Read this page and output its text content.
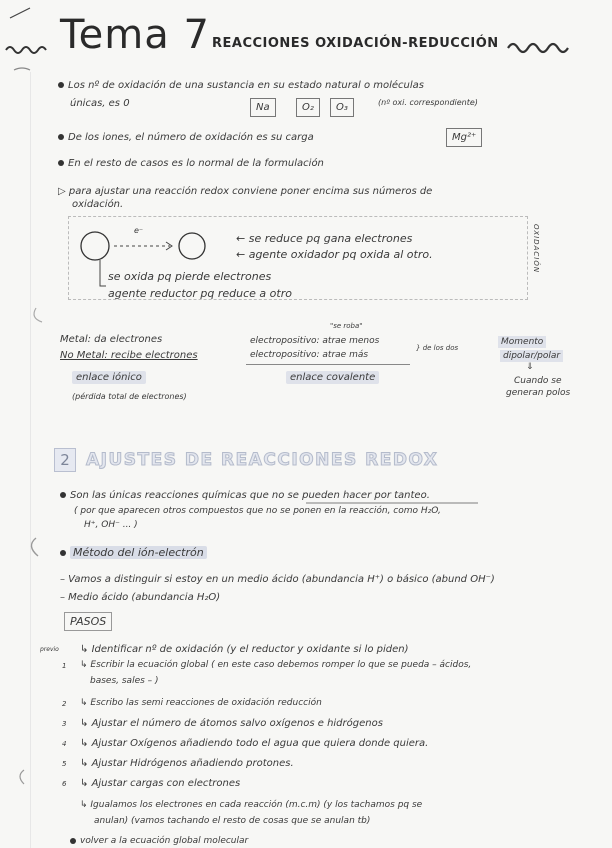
Tema 7 REACCIONES OXIDACIÓN-REDUCCIÓN
Los nº de oxidación de una sustancia en su estado natural o moléculas
únicas, es 0	Na	O₂	O₃	(nº oxi. correspondiente)
De los iones, el número de oxidación es su carga	Mg²⁺
En el resto de casos es lo normal de la formulación
▷ para ajustar una reacción redox conviene poner encima sus números de
oxidación.
e⁻
← se reduce pq gana electrones
← agente oxidador pq oxida al otro.
se oxida pq pierde electrones
agente reductor pq reduce a otro
OXIDACIÓN
Metal: da electrones
No Metal: recibe electrones
enlace iónico
(pérdida total de electrones)
"se roba"
electropositivo: atrae menos
electropositivo: atrae más
} de los dos
enlace covalente
Momento
dipolar/polar
⇓
Cuando se
generan polos
2 AJUSTES DE REACCIONES REDOX
Son las únicas reacciones químicas que no se pueden hacer por tanteo.
( por que aparecen otros compuestos que no se ponen en la reacción, como H₂O,
H⁺, OH⁻ ... )
Método del ión-electrón
– Vamos a distinguir si estoy en un medio ácido (abundancia H⁺) o básico (abund OH⁻)
– Medio ácido (abundancia H₂O)
PASOS
previo ↳ Identificar nº de oxidación (y el reductor y oxidante si lo piden)
1 ↳ Escribir la ecuación global ( en este caso debemos romper lo que se pueda – ácidos,
bases, sales – )
2 ↳ Escribo las semi reacciones de oxidación reducción
3 ↳ Ajustar el número de átomos salvo oxígenos e hidrógenos
4 ↳ Ajustar Oxígenos añadiendo todo el agua que quiera donde quiera.
5 ↳ Ajustar Hidrógenos añadiendo protones.
6 ↳ Ajustar cargas con electrones
↳ Igualamos los electrones en cada reacción (m.c.m) (y los tachamos pq se
anulan) (vamos tachando el resto de cosas que se anulan tb)
volver a la ecuación global molecular
